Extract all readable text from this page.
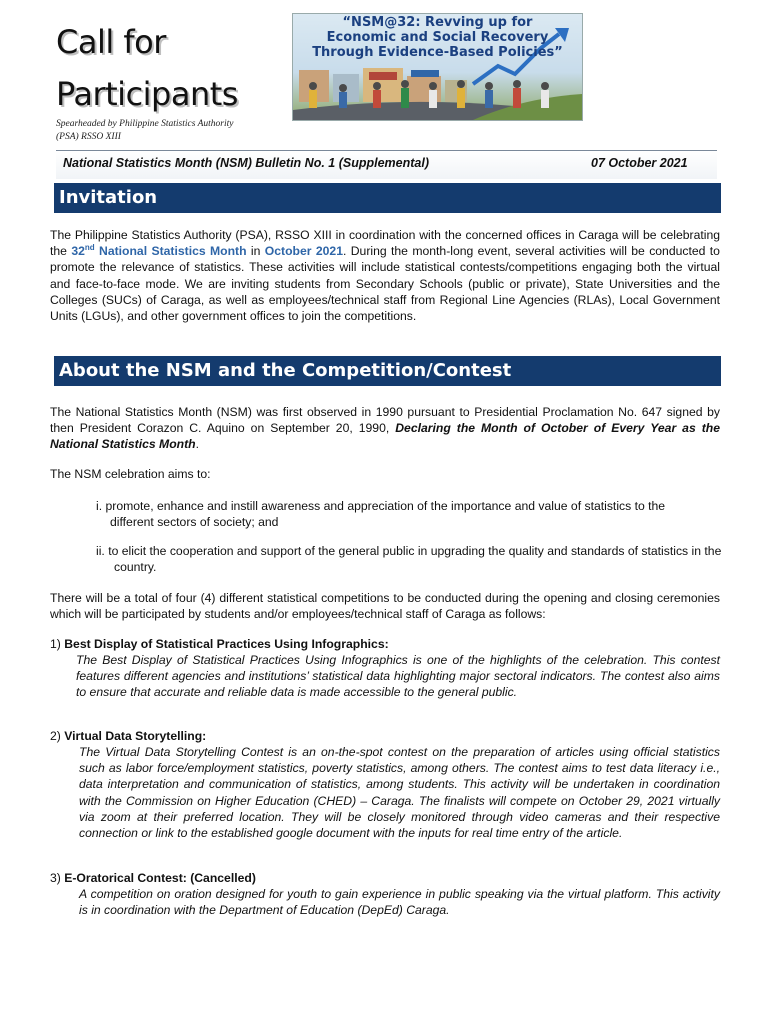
Call for
Participants
Spearheaded by Philippine Statistics Authority
(PSA) RSSO XIII
“NSM@32: Revving up for
Economic and Social Recovery
Through Evidence-Based Policies”
National Statistics Month (NSM) Bulletin No. 1 (Supplemental)	07 October 2021
Invitation
The Philippine Statistics Authority (PSA), RSSO XIII in coordination with the concerned offices in Caraga will be celebrating the 32nd National Statistics Month in October 2021. During the month-long event, several activities will be conducted to promote the relevance of statistics. These activities will include statistical contests/competitions engaging both the virtual and face-to-face mode. We are inviting students from Secondary Schools (public or private), State Universities and the Colleges (SUCs) of Caraga, as well as employees/technical staff from Regional Line Agencies (RLAs), Local Government Units (LGUs), and other government offices to join the competitions.
About the NSM and the Competition/Contest
The National Statistics Month (NSM) was first observed in 1990 pursuant to Presidential Proclamation No. 647 signed by then President Corazon C. Aquino on September 20, 1990, Declaring the Month of October of Every Year as the National Statistics Month.
The NSM celebration aims to:
i. promote, enhance and instill awareness and appreciation of the importance and value of statistics to the different sectors of society; and
ii. to elicit the cooperation and support of the general public in upgrading the quality and standards of statistics in the country.
There will be a total of four (4) different statistical competitions to be conducted during the opening and closing ceremonies which will be participated by students and/or employees/technical staff of Caraga as follows:
1) Best Display of Statistical Practices Using Infographics:
The Best Display of Statistical Practices Using Infographics is one of the highlights of the celebration. This contest features different agencies and institutions’ statistical data highlighting major sectoral indicators. The contest also aims to ensure that accurate and reliable data is made accessible to the general public.
2) Virtual Data Storytelling:
The Virtual Data Storytelling Contest is an on-the-spot contest on the preparation of articles using official statistics such as labor force/employment statistics, poverty statistics, among others. The contest aims to test data literacy i.e., data interpretation and communication of statistics, among students. This activity will be undertaken in coordination with the Commission on Higher Education (CHED) – Caraga. The finalists will compete on October 29, 2021 virtually via zoom at their preferred location. They will be closely monitored through video cameras and their respective connection or link to the established google document with the inputs for real time entry of the article.
3) E-Oratorical Contest: (Cancelled)
A competition on oration designed for youth to gain experience in public speaking via the virtual platform. This activity is in coordination with the Department of Education (DepEd) Caraga.
